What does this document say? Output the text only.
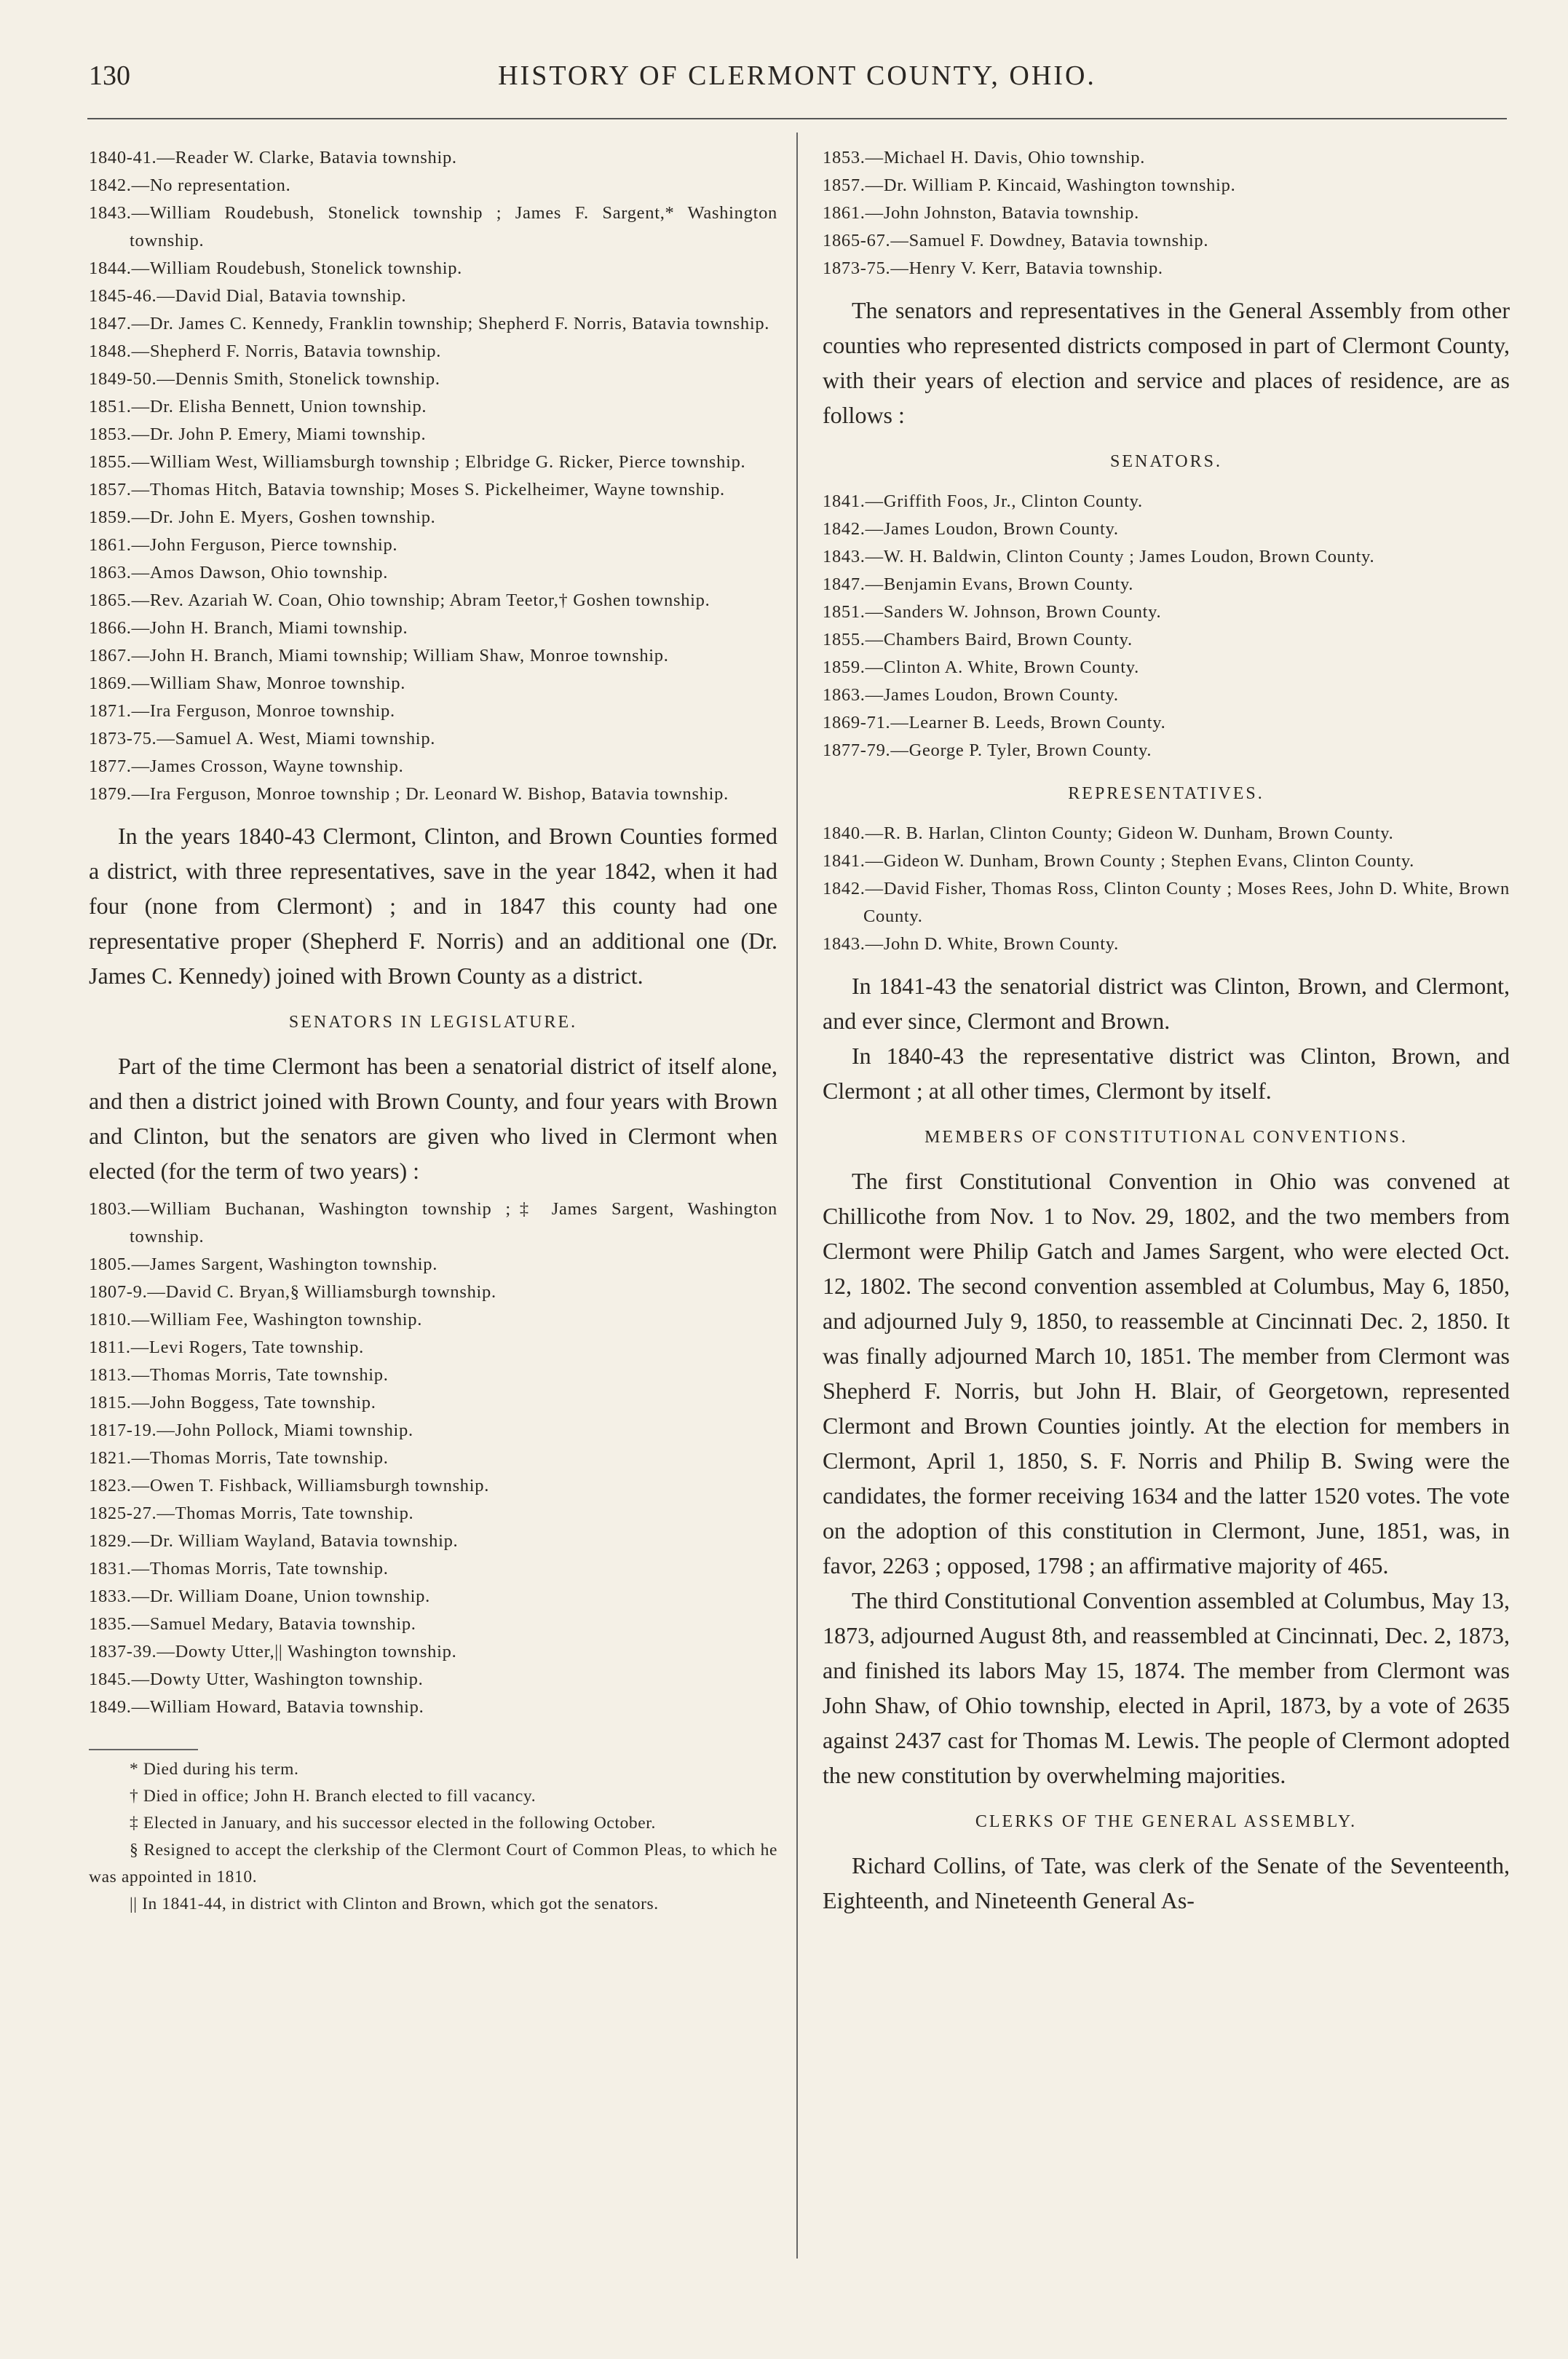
130	HISTORY OF CLERMONT COUNTY, OHIO.
1840-41.—Reader W. Clarke, Batavia township.
1842.—No representation.
1843.—William Roudebush, Stonelick township ; James F. Sargent,* Washington township.
1844.—William Roudebush, Stonelick township.
1845-46.—David Dial, Batavia township.
1847.—Dr. James C. Kennedy, Franklin township; Shepherd F. Norris, Batavia township.
1848.—Shepherd F. Norris, Batavia township.
1849-50.—Dennis Smith, Stonelick township.
1851.—Dr. Elisha Bennett, Union township.
1853.—Dr. John P. Emery, Miami township.
1855.—William West, Williamsburgh township ; Elbridge G. Ricker, Pierce township.
1857.—Thomas Hitch, Batavia township; Moses S. Pickelheimer, Wayne township.
1859.—Dr. John E. Myers, Goshen township.
1861.—John Ferguson, Pierce township.
1863.—Amos Dawson, Ohio township.
1865.—Rev. Azariah W. Coan, Ohio township; Abram Teetor,† Goshen township.
1866.—John H. Branch, Miami township.
1867.—John H. Branch, Miami township; William Shaw, Monroe township.
1869.—William Shaw, Monroe township.
1871.—Ira Ferguson, Monroe township.
1873-75.—Samuel A. West, Miami township.
1877.—James Crosson, Wayne township.
1879.—Ira Ferguson, Monroe township ; Dr. Leonard W. Bishop, Batavia township.

In the years 1840-43 Clermont, Clinton, and Brown Counties formed a district, with three representatives, save in the year 1842, when it had four (none from Clermont) ; and in 1847 this county had one representative proper (Shepherd F. Norris) and an additional one (Dr. James C. Kennedy) joined with Brown County as a district.

SENATORS IN LEGISLATURE.

Part of the time Clermont has been a senatorial district of itself alone, and then a district joined with Brown County, and four years with Brown and Clinton, but the senators are given who lived in Clermont when elected (for the term of two years) :

1803.—William Buchanan, Washington township ;‡ James Sargent, Washington township.
1805.—James Sargent, Washington township.
1807-9.—David C. Bryan,§ Williamsburgh township.
1810.—William Fee, Washington township.
1811.—Levi Rogers, Tate township.
1813.—Thomas Morris, Tate township.
1815.—John Boggess, Tate township.
1817-19.—John Pollock, Miami township.
1821.—Thomas Morris, Tate township.
1823.—Owen T. Fishback, Williamsburgh township.
1825-27.—Thomas Morris, Tate township.
1829.—Dr. William Wayland, Batavia township.
1831.—Thomas Morris, Tate township.
1833.—Dr. William Doane, Union township.
1835.—Samuel Medary, Batavia township.
1837-39.—Dowty Utter,|| Washington township.
1845.—Dowty Utter, Washington township.
1849.—William Howard, Batavia township.
* Died during his term.
† Died in office; John H. Branch elected to fill vacancy.
‡ Elected in January, and his successor elected in the following October.
§ Resigned to accept the clerkship of the Clermont Court of Common Pleas, to which he was appointed in 1810.
|| In 1841-44, in district with Clinton and Brown, which got the senators.
1853.—Michael H. Davis, Ohio township.
1857.—Dr. William P. Kincaid, Washington township.
1861.—John Johnston, Batavia township.
1865-67.—Samuel F. Dowdney, Batavia township.
1873-75.—Henry V. Kerr, Batavia township.

The senators and representatives in the General Assembly from other counties who represented districts composed in part of Clermont County, with their years of election and service and places of residence, are as follows :

SENATORS.
1841.—Griffith Foos, Jr., Clinton County.
1842.—James Loudon, Brown County.
1843.—W. H. Baldwin, Clinton County ; James Loudon, Brown County.
1847.—Benjamin Evans, Brown County.
1851.—Sanders W. Johnson, Brown County.
1855.—Chambers Baird, Brown County.
1859.—Clinton A. White, Brown County.
1863.—James Loudon, Brown County.
1869-71.—Learner B. Leeds, Brown County.
1877-79.—George P. Tyler, Brown County.
REPRESENTATIVES.
1840.—R. B. Harlan, Clinton County; Gideon W. Dunham, Brown County.
1841.—Gideon W. Dunham, Brown County ; Stephen Evans, Clinton County.
1842.—David Fisher, Thomas Ross, Clinton County ; Moses Rees, John D. White, Brown County.
1843.—John D. White, Brown County.

In 1841-43 the senatorial district was Clinton, Brown, and Clermont, and ever since, Clermont and Brown.

In 1840-43 the representative district was Clinton, Brown, and Clermont ; at all other times, Clermont by itself.

MEMBERS OF CONSTITUTIONAL CONVENTIONS.

The first Constitutional Convention in Ohio was convened at Chillicothe from Nov. 1 to Nov. 29, 1802, and the two members from Clermont were Philip Gatch and James Sargent, who were elected Oct. 12, 1802. The second convention assembled at Columbus, May 6, 1850, and adjourned July 9, 1850, to reassemble at Cincinnati Dec. 2, 1850. It was finally adjourned March 10, 1851. The member from Clermont was Shepherd F. Norris, but John H. Blair, of Georgetown, represented Clermont and Brown Counties jointly. At the election for members in Clermont, April 1, 1850, S. F. Norris and Philip B. Swing were the candidates, the former receiving 1634 and the latter 1520 votes. The vote on the adoption of this constitution in Clermont, June, 1851, was, in favor, 2263 ; opposed, 1798 ; an affirmative majority of 465.

The third Constitutional Convention assembled at Columbus, May 13, 1873, adjourned August 8th, and reassembled at Cincinnati, Dec. 2, 1873, and finished its labors May 15, 1874. The member from Clermont was John Shaw, of Ohio township, elected in April, 1873, by a vote of 2635 against 2437 cast for Thomas M. Lewis. The people of Clermont adopted the new constitution by overwhelming majorities.

CLERKS OF THE GENERAL ASSEMBLY.

Richard Collins, of Tate, was clerk of the Senate of the Seventeenth, Eighteenth, and Nineteenth General As-
